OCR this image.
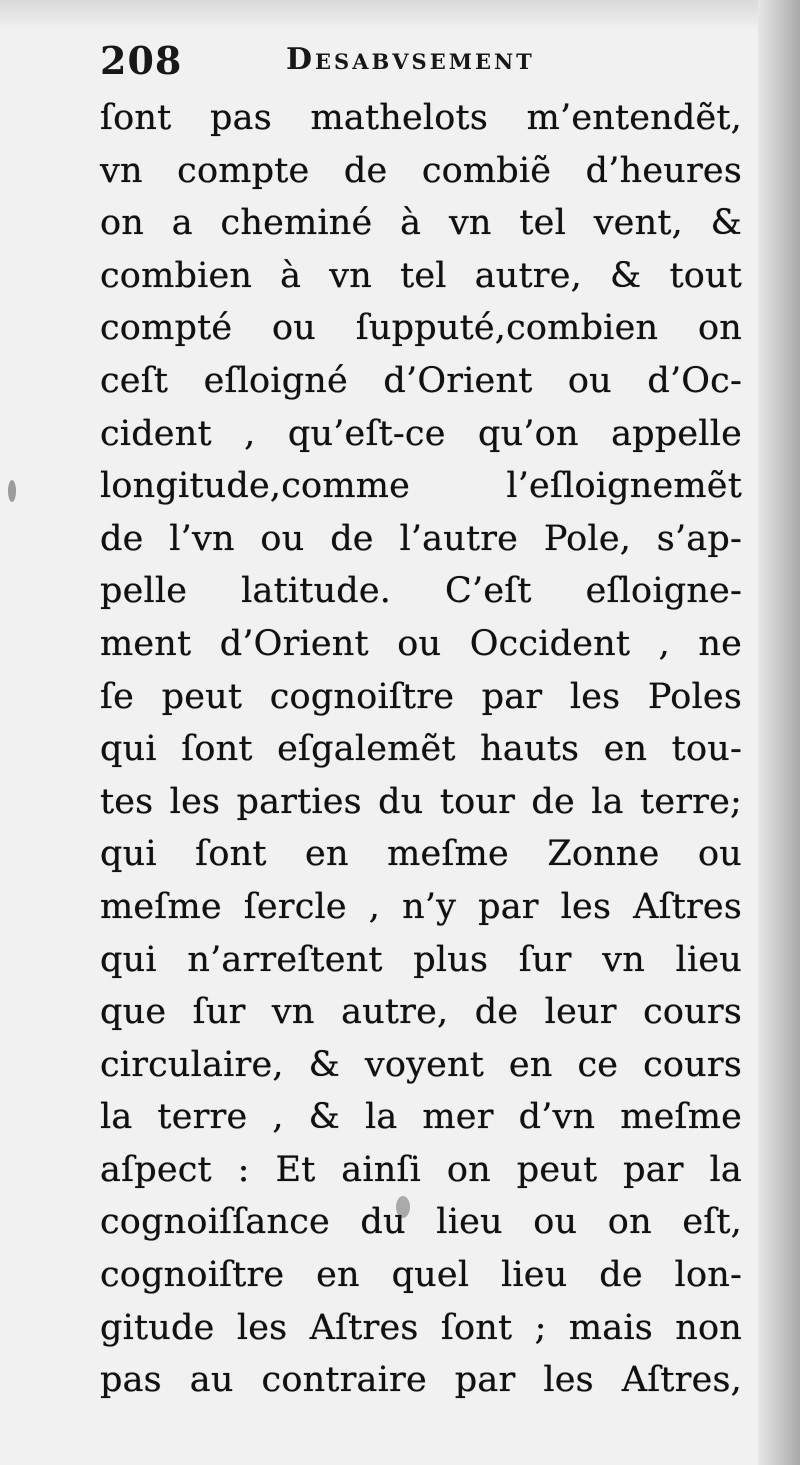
208	Desabvsement
ſont pas mathelots m’entendẽt,
vn compte de combiẽ d’heures
on a cheminé à vn tel vent, &
combien à vn tel autre, & tout
compté ou ſupputé,combien on
ceſt eſloigné d’Orient ou d’Oc-
cident , qu’eſt-ce qu’on appelle
longitude,comme l’eſloignemẽt
de l’vn ou de l’autre Pole, s’ap-
pelle latitude. C’eſt eſloigne-
ment d’Orient ou Occident , ne
ſe peut cognoiſtre par les Poles
qui ſont eſgalemẽt hauts en tou-
tes les parties du tour de la terre;
qui ſont en meſme Zonne ou
meſme ſercle , n’y par les Aſtres
qui n’arreſtent plus ſur vn lieu
que ſur vn autre, de leur cours
circulaire, & voyent en ce cours
la terre , & la mer d’vn meſme
aſpect : Et ainſi on peut par la
cognoiſſance du lieu ou on eſt,
cognoiſtre en quel lieu de lon-
gitude les Aſtres ſont ; mais non
pas au contraire par les Aſtres,
